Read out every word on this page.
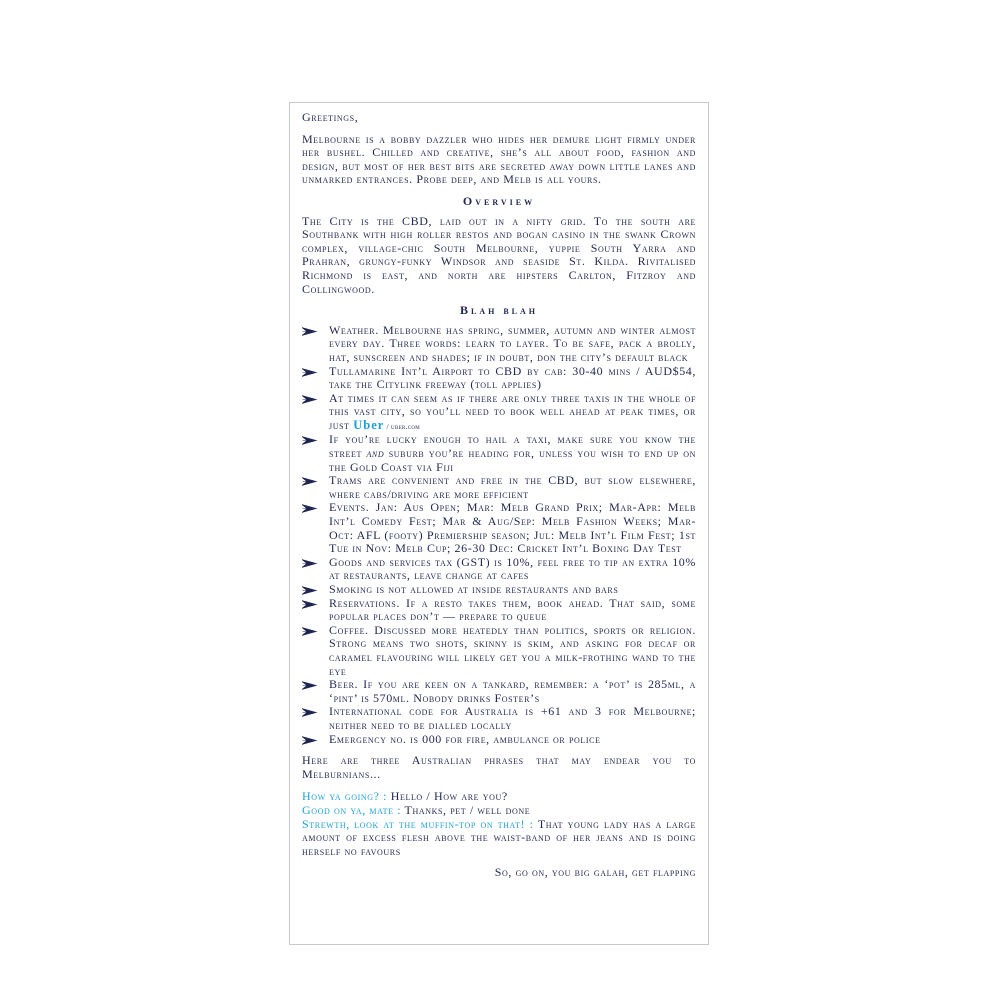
Greetings,

Melbourne is a bobby dazzler who hides her demure light firmly under her bushel. Chilled and creative, she’s all about food, fashion and design, but most of her best bits are secreted away down little lanes and unmarked entrances. Probe deep, and Melb is all yours.

Overview

The City is the CBD, laid out in a nifty grid. To the south are Southbank with high roller restos and bogan casino in the swank Crown complex, village-chic South Melbourne, yuppie South Yarra and Prahran, grungy-funky Windsor and seaside St. Kilda. Rivitalised Richmond is east, and north are hipsters Carlton, Fitzroy and Collingwood.

Blah blah
Weather. Melbourne has spring, summer, autumn and winter almost every day. Three words: learn to layer. To be safe, pack a brolly, hat, sunscreen and shades; if in doubt, don the city’s default black
Tullamarine Int’l Airport to CBD by cab: 30-40 mins / AUD$54, take the Citylink freeway (toll applies)
At times it can seem as if there are only three taxis in the whole of this vast city, so you’ll need to book well ahead at peak times, or just Uber / uber.com
If you’re lucky enough to hail a taxi, make sure you know the street and suburb you’re heading for, unless you wish to end up on the Gold Coast via Fiji
Trams are convenient and free in the CBD, but slow elsewhere, where cabs/driving are more efficient
Events. Jan: Aus Open; Mar: Melb Grand Prix; Mar-Apr: Melb Int’l Comedy Fest; Mar & Aug/Sep: Melb Fashion Weeks; Mar-Oct: AFL (footy) Premiership season; Jul: Melb Int’l Film Fest; 1st Tue in Nov: Melb Cup; 26-30 Dec: Cricket Int’l Boxing Day Test
Goods and services tax (GST) is 10%, feel free to tip an extra 10% at restaurants, leave change at cafes
Smoking is not allowed at inside restaurants and bars
Reservations. If a resto takes them, book ahead. That said, some popular places don’t — prepare to queue
Coffee. Discussed more heatedly than politics, sports or religion. Strong means two shots, skinny is skim, and asking for decaf or caramel flavouring will likely get you a milk-frothing wand to the eye
Beer. If you are keen on a tankard, remember: a ‘pot’ is 285ml, a ‘pint’ is 570ml. Nobody drinks Foster’s
International code for Australia is +61 and 3 for Melbourne; neither need to be dialled locally
Emergency no. is 000 for fire, ambulance or police

Here are three Australian phrases that may endear you to Melburnians...

How ya going? : Hello / How are you?

Good on ya, mate : Thanks, pet / well done

Strewth, look at the muffin-top on that! : That young lady has a large amount of excess flesh above the waist-band of her jeans and is doing herself no favours

So, go on, you big galah, get flapping
